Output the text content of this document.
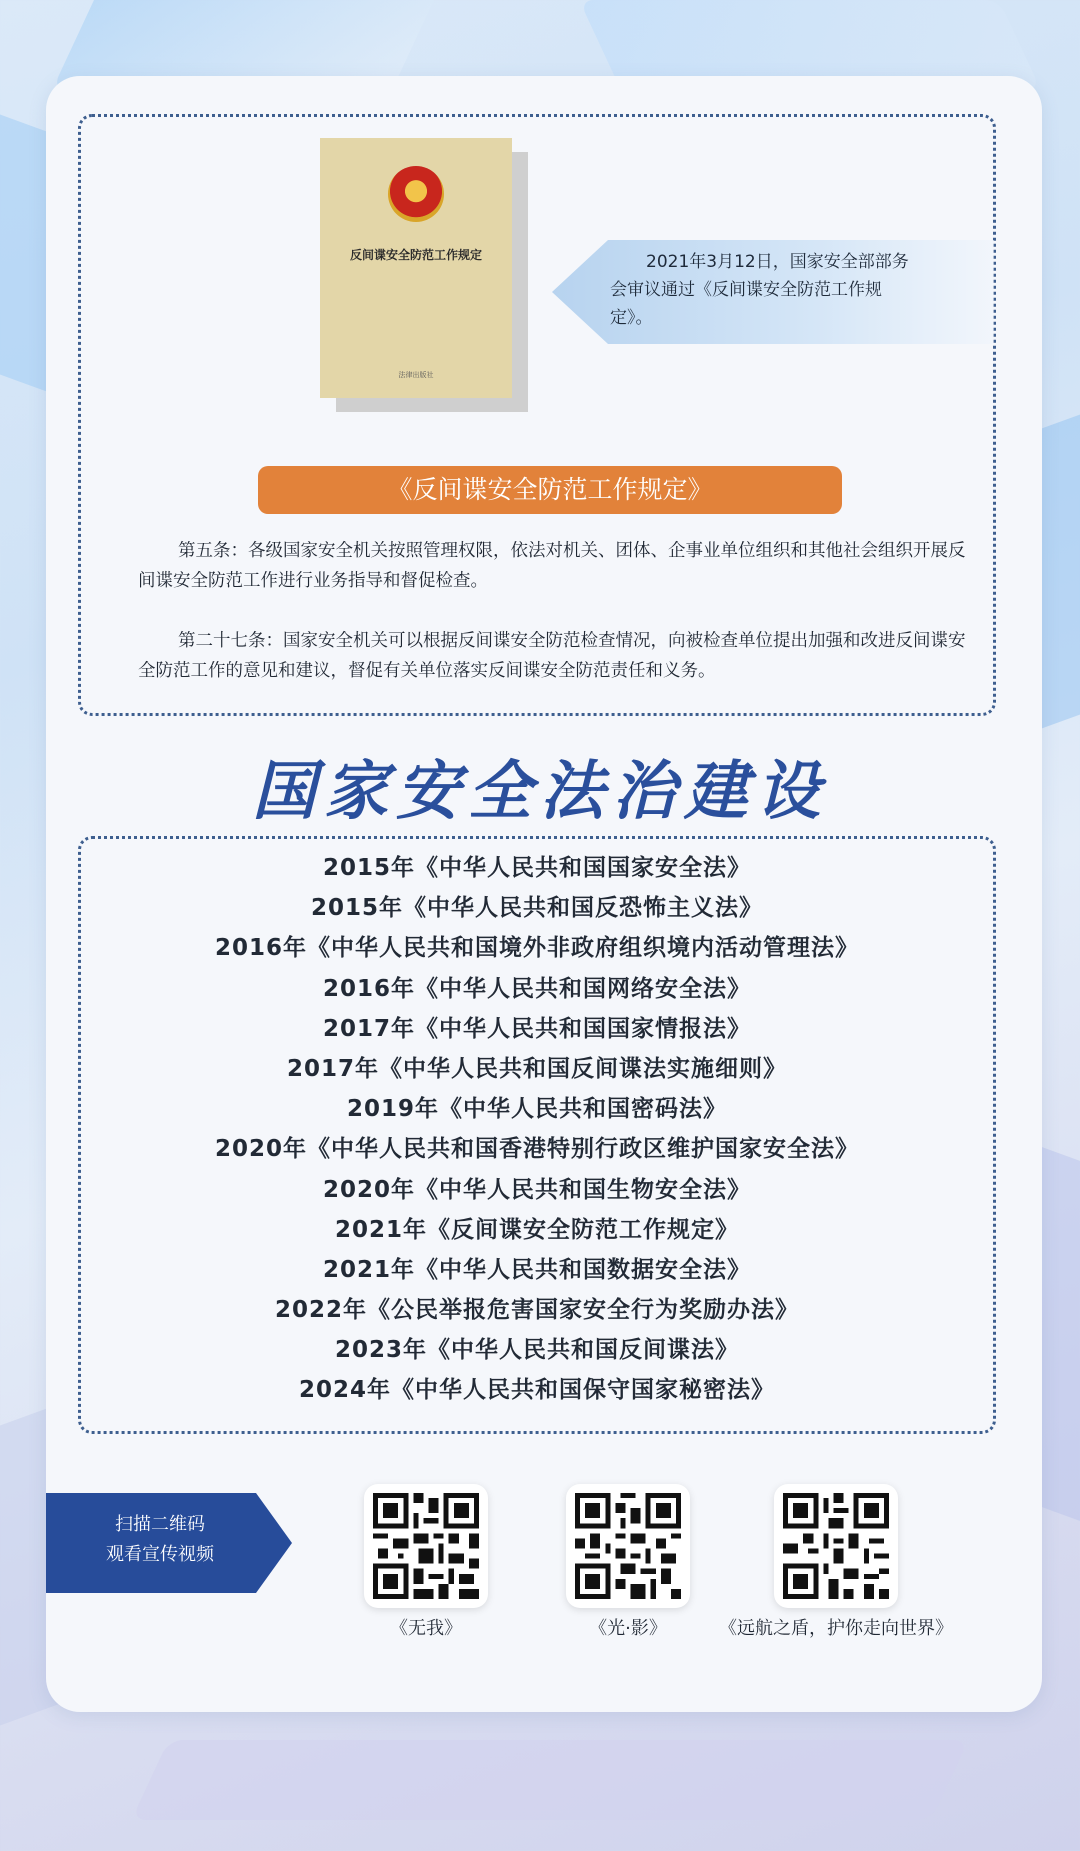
反间谍安全防范工作规定
法律出版社
2021年3月12日，国家安全部部务会审议通过《反间谍安全防范工作规定》。
《反间谍安全防范工作规定》

第五条：各级国家安全机关按照管理权限，依法对机关、团体、企事业单位组织和其他社会组织开展反间谍安全防范工作进行业务指导和督促检查。

第二十七条：国家安全机关可以根据反间谍安全防范检查情况，向被检查单位提出加强和改进反间谍安全防范工作的意见和建议，督促有关单位落实反间谍安全防范责任和义务。

国家安全法治建设
2015年《中华人民共和国国家安全法》
2015年《中华人民共和国反恐怖主义法》
2016年《中华人民共和国境外非政府组织境内活动管理法》
2016年《中华人民共和国网络安全法》
2017年《中华人民共和国国家情报法》
2017年《中华人民共和国反间谍法实施细则》
2019年《中华人民共和国密码法》
2020年《中华人民共和国香港特别行政区维护国家安全法》
2020年《中华人民共和国生物安全法》
2021年《反间谍安全防范工作规定》
2021年《中华人民共和国数据安全法》
2022年《公民举报危害国家安全行为奖励办法》
2023年《中华人民共和国反间谍法》
2024年《中华人民共和国保守国家秘密法》
扫描二维码
观看宣传视频
《无我》	《光·影》	《远航之盾，护你走向世界》
